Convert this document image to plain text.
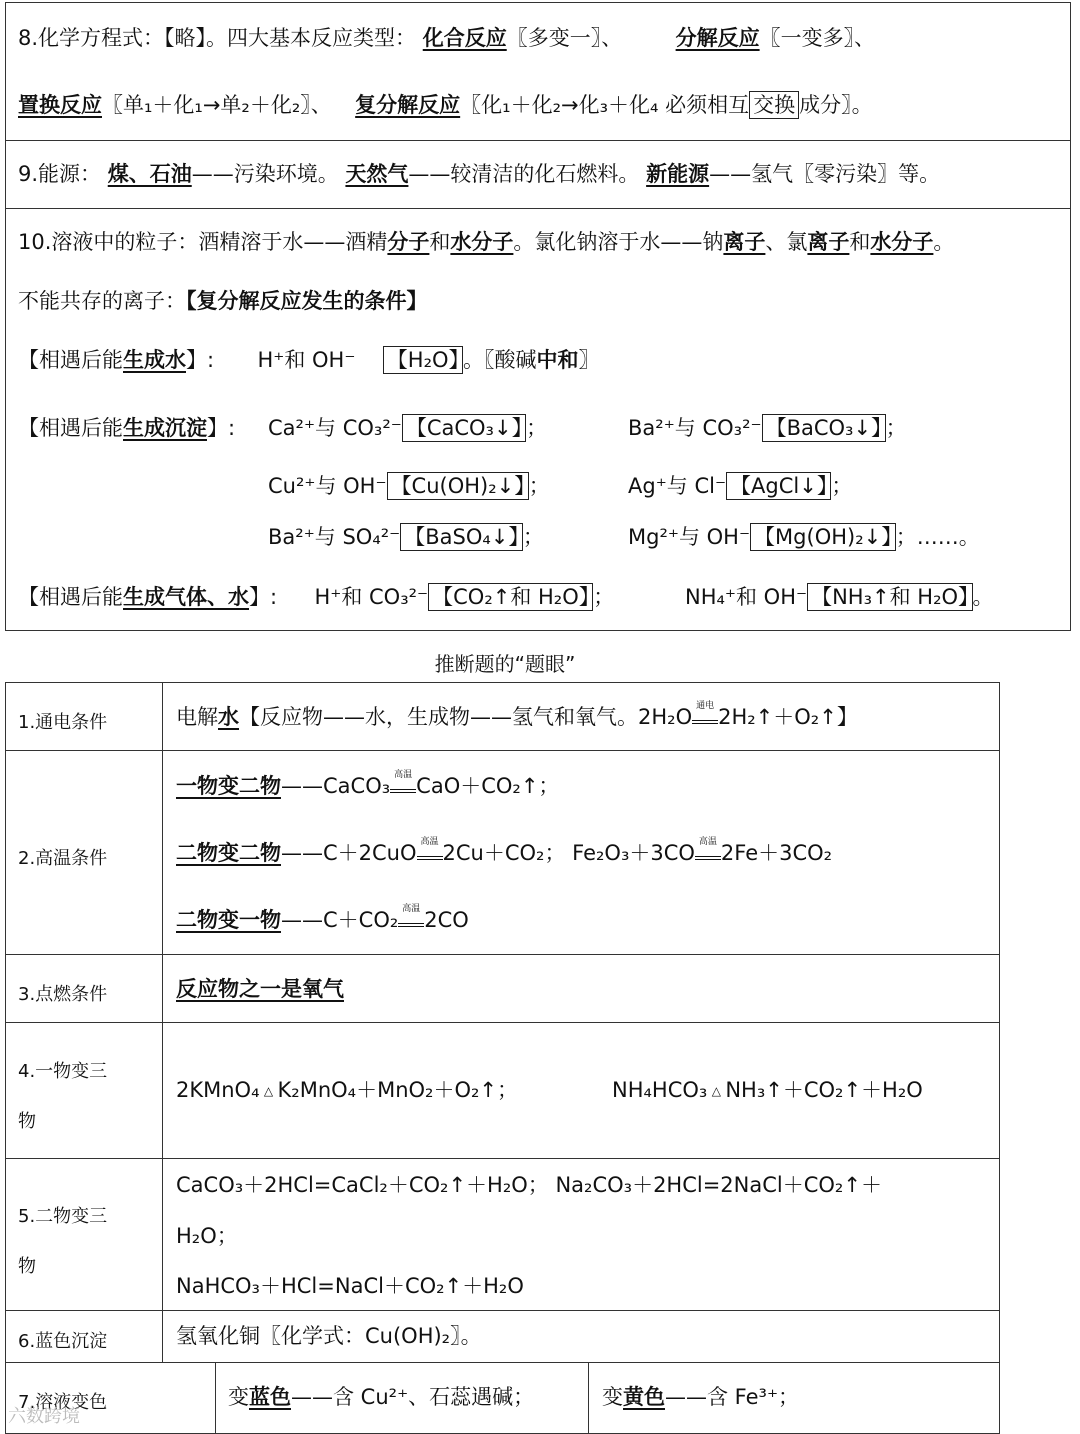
8.化学方程式：【略】。四大基本反应类型： 化合反应〖多变一〗、	分解反应〖一变多〗、
置换反应〖单₁＋化₁→单₂＋化₂〗、 复分解反应〖化₁＋化₂→化₃＋化₄ 必须相互 交换 成分〗。
9.能源： 煤、石油——污染环境。 天然气——较清洁的化石燃料。 新能源——氢气〖零污染〗等。
10.溶液中的粒子：酒精溶于水——酒精分子和水分子。氯化钠溶于水——钠离子、氯离子和水分子。
不能共存的离子：【复分解反应发生的条件】
【相遇后能生成水】: H⁺和 OH⁻ 【H₂O】 。〖酸碱中和〗
【相遇后能生成沉淀】: Ca²⁺与 CO₃²⁻ 【CaCO₃↓】 ；	Ba²⁺与 CO₃²⁻ 【BaCO₃↓】 ；
Cu²⁺与 OH⁻ 【Cu(OH)₂↓】 ；	Ag⁺与 Cl⁻ 【AgCl↓】 ；
Ba²⁺与 SO₄²⁻ 【BaSO₄↓】 ；	Mg²⁺与 OH⁻ 【Mg(OH)₂↓】 ；……。
【相遇后能生成气体、水】: H⁺和 CO₃²⁻ 【CO₂↑和 H₂O】 ；	NH₄⁺和 OH⁻ 【NH₃↑和 H₂O】 。
推断题的“题眼”
1.通电条件	电解水【反应物——水，生成物——氢气和氧气。2H₂O 通电 2H₂↑＋O₂↑】
2.高温条件
一物变二物——CaCO₃ 高温 CaO＋CO₂↑；
二物变二物——C＋2CuO 高温 2Cu＋CO₂； Fe₂O₃＋3CO 高温 2Fe＋3CO₂
二物变一物——C＋CO₂ 高温 2CO
3.点燃条件	反应物之一是氧气
4.一物变三
物
2KMnO₄ △ K₂MnO₄＋MnO₂＋O₂↑；	NH₄HCO₃ △ NH₃↑＋CO₂↑＋H₂O
5.二物变三
物
CaCO₃＋2HCl=CaCl₂＋CO₂↑＋H₂O； Na₂CO₃＋2HCl=2NaCl＋CO₂↑＋
H₂O；
NaHCO₃＋HCl=NaCl＋CO₂↑＋H₂O
6.蓝色沉淀	氢氧化铜〖化学式：Cu(OH)₂〗。
7.溶液变色	变蓝色——含 Cu²⁺、石蕊遇碱；	变黄色——含 Fe³⁺；
六数跨境
